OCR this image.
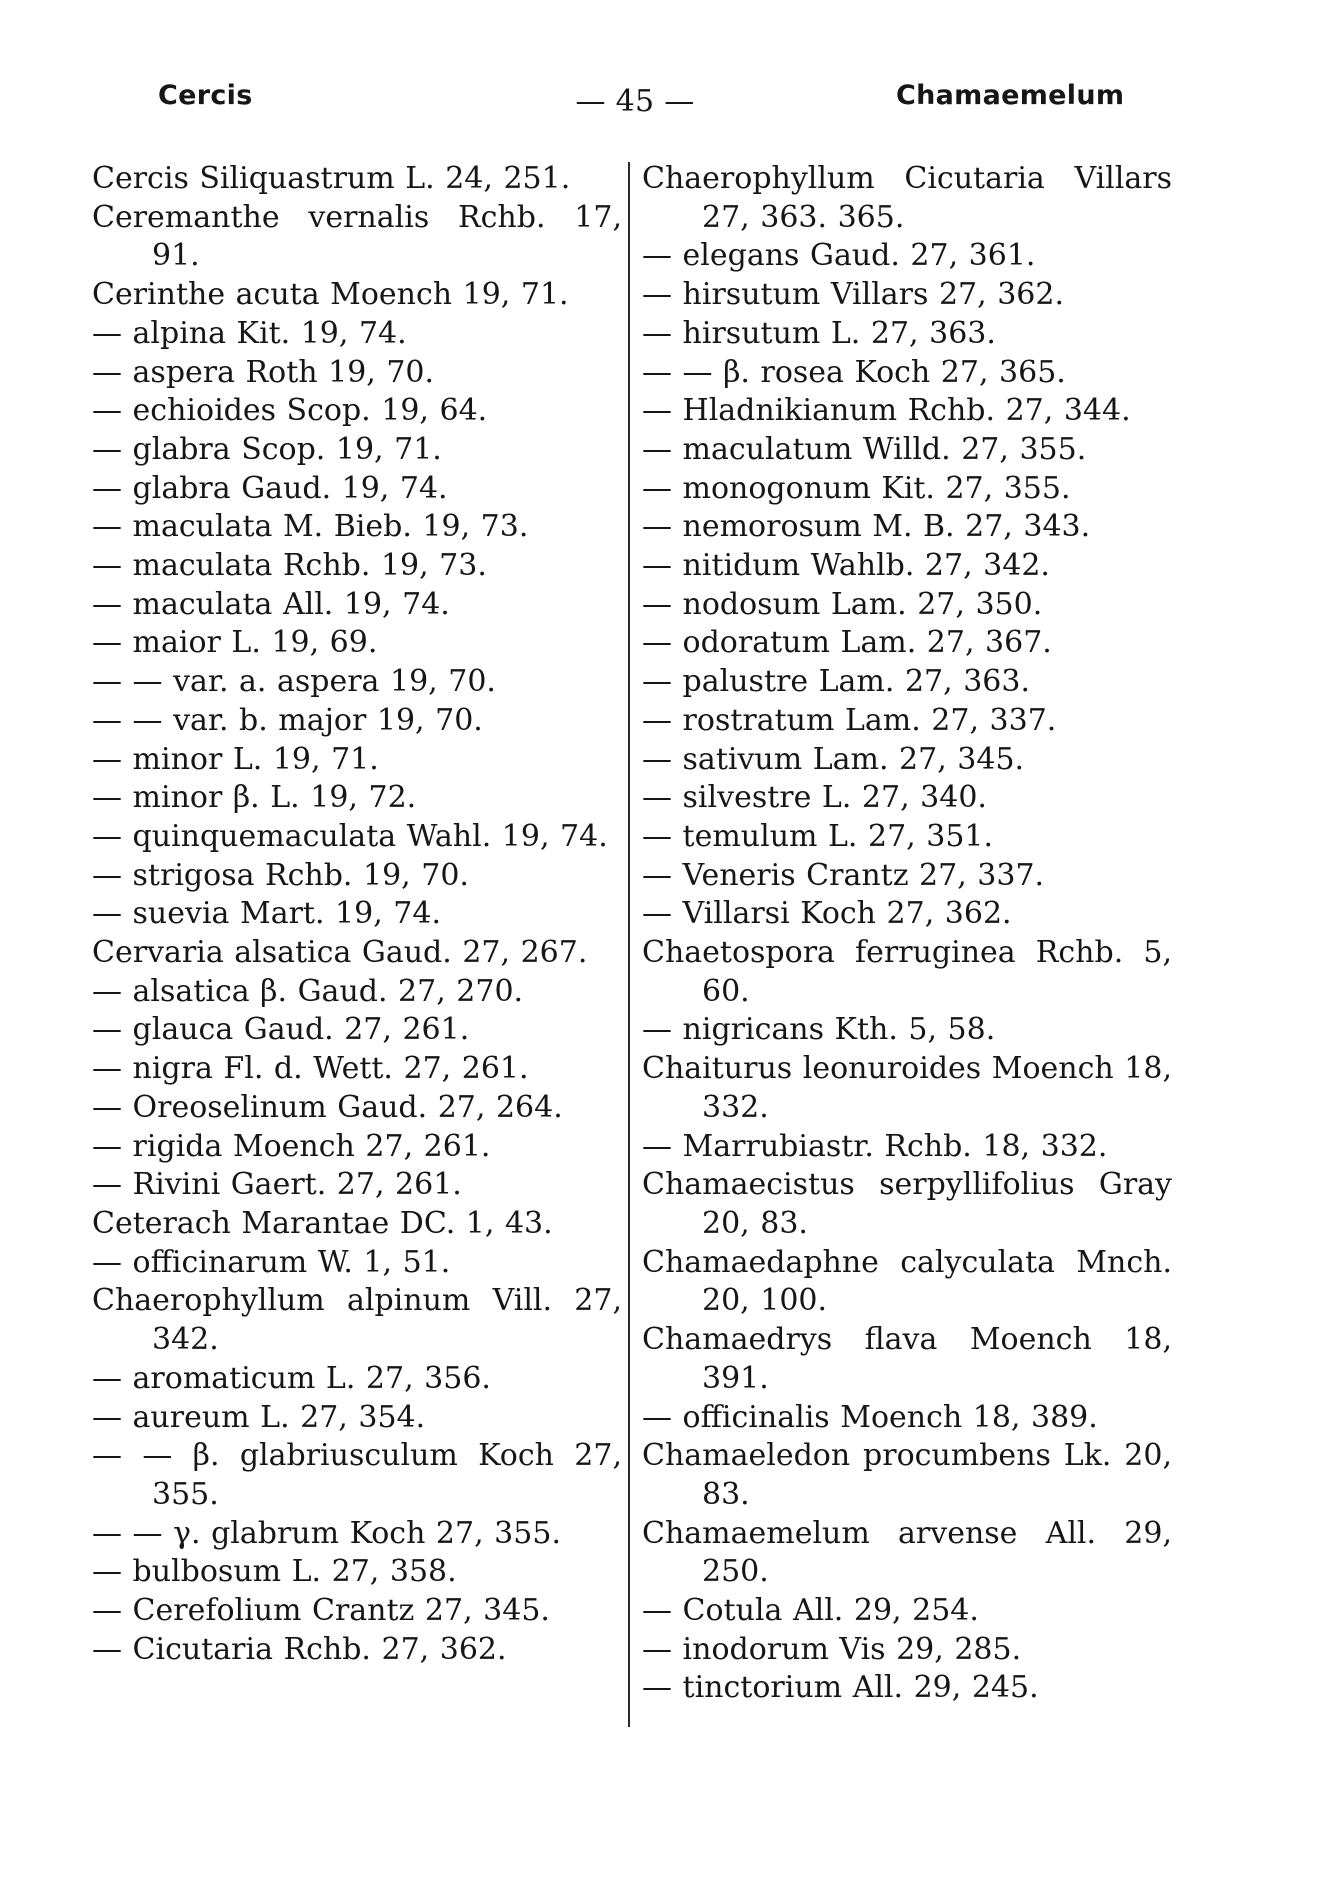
Cercis	— 45 —	Chamaemelum
Cercis Siliquastrum L. 24, 251.
Ceremanthe vernalis Rchb. 17, 91.
Cerinthe acuta Moench 19, 71.
— alpina Kit. 19, 74.
— aspera Roth 19, 70.
— echioides Scop. 19, 64.
— glabra Scop. 19, 71.
— glabra Gaud. 19, 74.
— maculata M. Bieb. 19, 73.
— maculata Rchb. 19, 73.
— maculata All. 19, 74.
— maior L. 19, 69.
— — var. a. aspera 19, 70.
— — var. b. major 19, 70.
— minor L. 19, 71.
— minor β. L. 19, 72.
— quinquemaculata Wahl. 19, 74.
— strigosa Rchb. 19, 70.
— suevia Mart. 19, 74.
Cervaria alsatica Gaud. 27, 267.
— alsatica β. Gaud. 27, 270.
— glauca Gaud. 27, 261.
— nigra Fl. d. Wett. 27, 261.
— Oreoselinum Gaud. 27, 264.
— rigida Moench 27, 261.
— Rivini Gaert. 27, 261.
Ceterach Marantae DC. 1, 43.
— officinarum W. 1, 51.
Chaerophyllum alpinum Vill. 27, 342.
— aromaticum L. 27, 356.
— aureum L. 27, 354.
— — β. glabriusculum Koch 27, 355.
— — γ. glabrum Koch 27, 355.
— bulbosum L. 27, 358.
— Cerefolium Crantz 27, 345.
— Cicutaria Rchb. 27, 362.
Chaerophyllum Cicutaria Villars 27, 363. 365.
— elegans Gaud. 27, 361.
— hirsutum Villars 27, 362.
— hirsutum L. 27, 363.
— — β. rosea Koch 27, 365.
— Hladnikianum Rchb. 27, 344.
— maculatum Willd. 27, 355.
— monogonum Kit. 27, 355.
— nemorosum M. B. 27, 343.
— nitidum Wahlb. 27, 342.
— nodosum Lam. 27, 350.
— odoratum Lam. 27, 367.
— palustre Lam. 27, 363.
— rostratum Lam. 27, 337.
— sativum Lam. 27, 345.
— silvestre L. 27, 340.
— temulum L. 27, 351.
— Veneris Crantz 27, 337.
— Villarsi Koch 27, 362.
Chaetospora ferruginea Rchb. 5, 60.
— nigricans Kth. 5, 58.
Chaiturus leonuroides Moench 18, 332.
— Marrubiastr. Rchb. 18, 332.
Chamaecistus serpyllifolius Gray 20, 83.
Chamaedaphne calyculata Mnch. 20, 100.
Chamaedrys flava Moench 18, 391.
— officinalis Moench 18, 389.
Chamaeledon procumbens Lk. 20, 83.
Chamaemelum arvense All. 29, 250.
— Cotula All. 29, 254.
— inodorum Vis 29, 285.
— tinctorium All. 29, 245.
